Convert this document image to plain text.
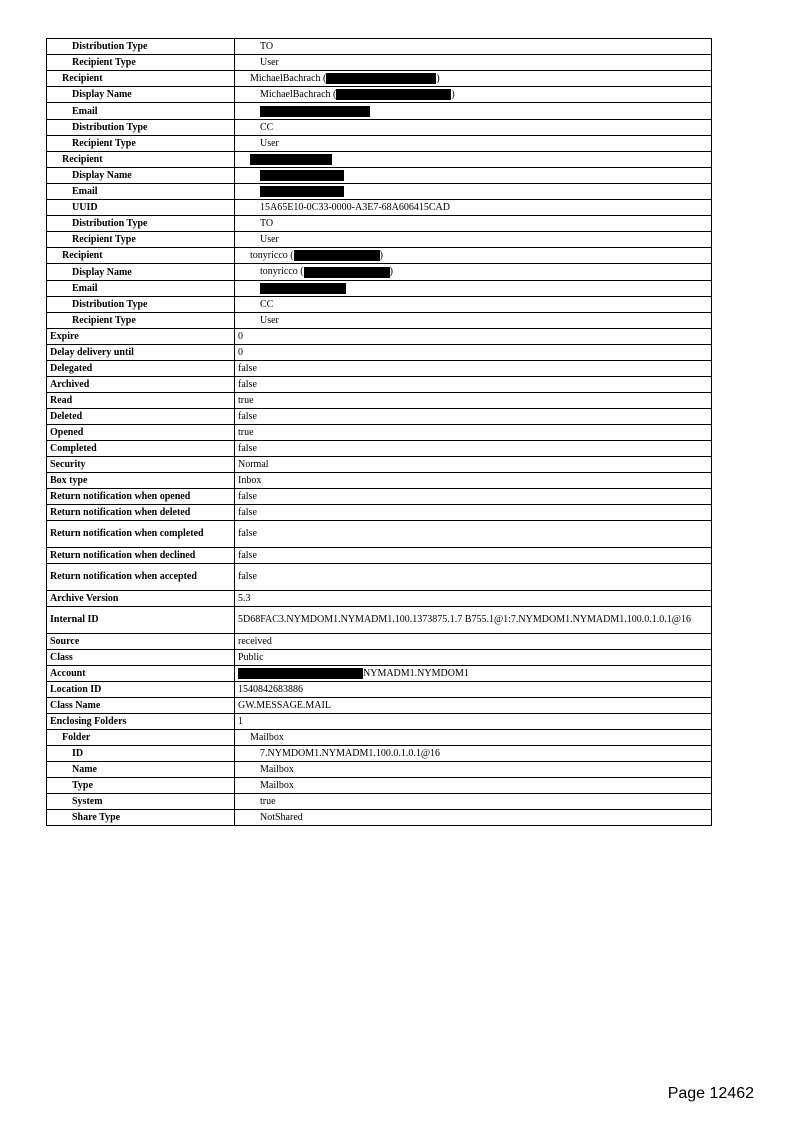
Distribution Type	TO
Recipient Type	User
Recipient	MichaelBachrach ( )
Display Name	MichaelBachrach ( )
Email	
Distribution Type	CC
Recipient Type	User
Recipient	
Display Name	
Email	
UUID	15A65E10-0C33-0000-A3E7-68A606415CAD
Distribution Type	TO
Recipient Type	User
Recipient	tonyricco ( )
Display Name	tonyricco ( )
Email	
Distribution Type	CC
Recipient Type	User
Expire	0
Delay delivery until	0
Delegated	false
Archived	false
Read	true
Deleted	false
Opened	true
Completed	false
Security	Normal
Box type	Inbox
Return notification when opened	false
Return notification when deleted	false
Return notification when completed	false
Return notification when declined	false
Return notification when accepted	false
Archive Version	5.3
Internal ID	5D68FAC3.NYMDOM1.NYMADM1.100.1373875.1.7 B755.1@1:7.NYMDOM1.NYMADM1.100.0.1.0.1@16
Source	received
Class	Public
Account	NYMADM1.NYMDOM1
Location ID	1540842683886
Class Name	GW.MESSAGE.MAIL
Enclosing Folders	1
Folder	Mailbox
ID	7.NYMDOM1.NYMADM1.100.0.1.0.1@16
Name	Mailbox
Type	Mailbox
System	true
Share Type	NotShared
Page 12462
